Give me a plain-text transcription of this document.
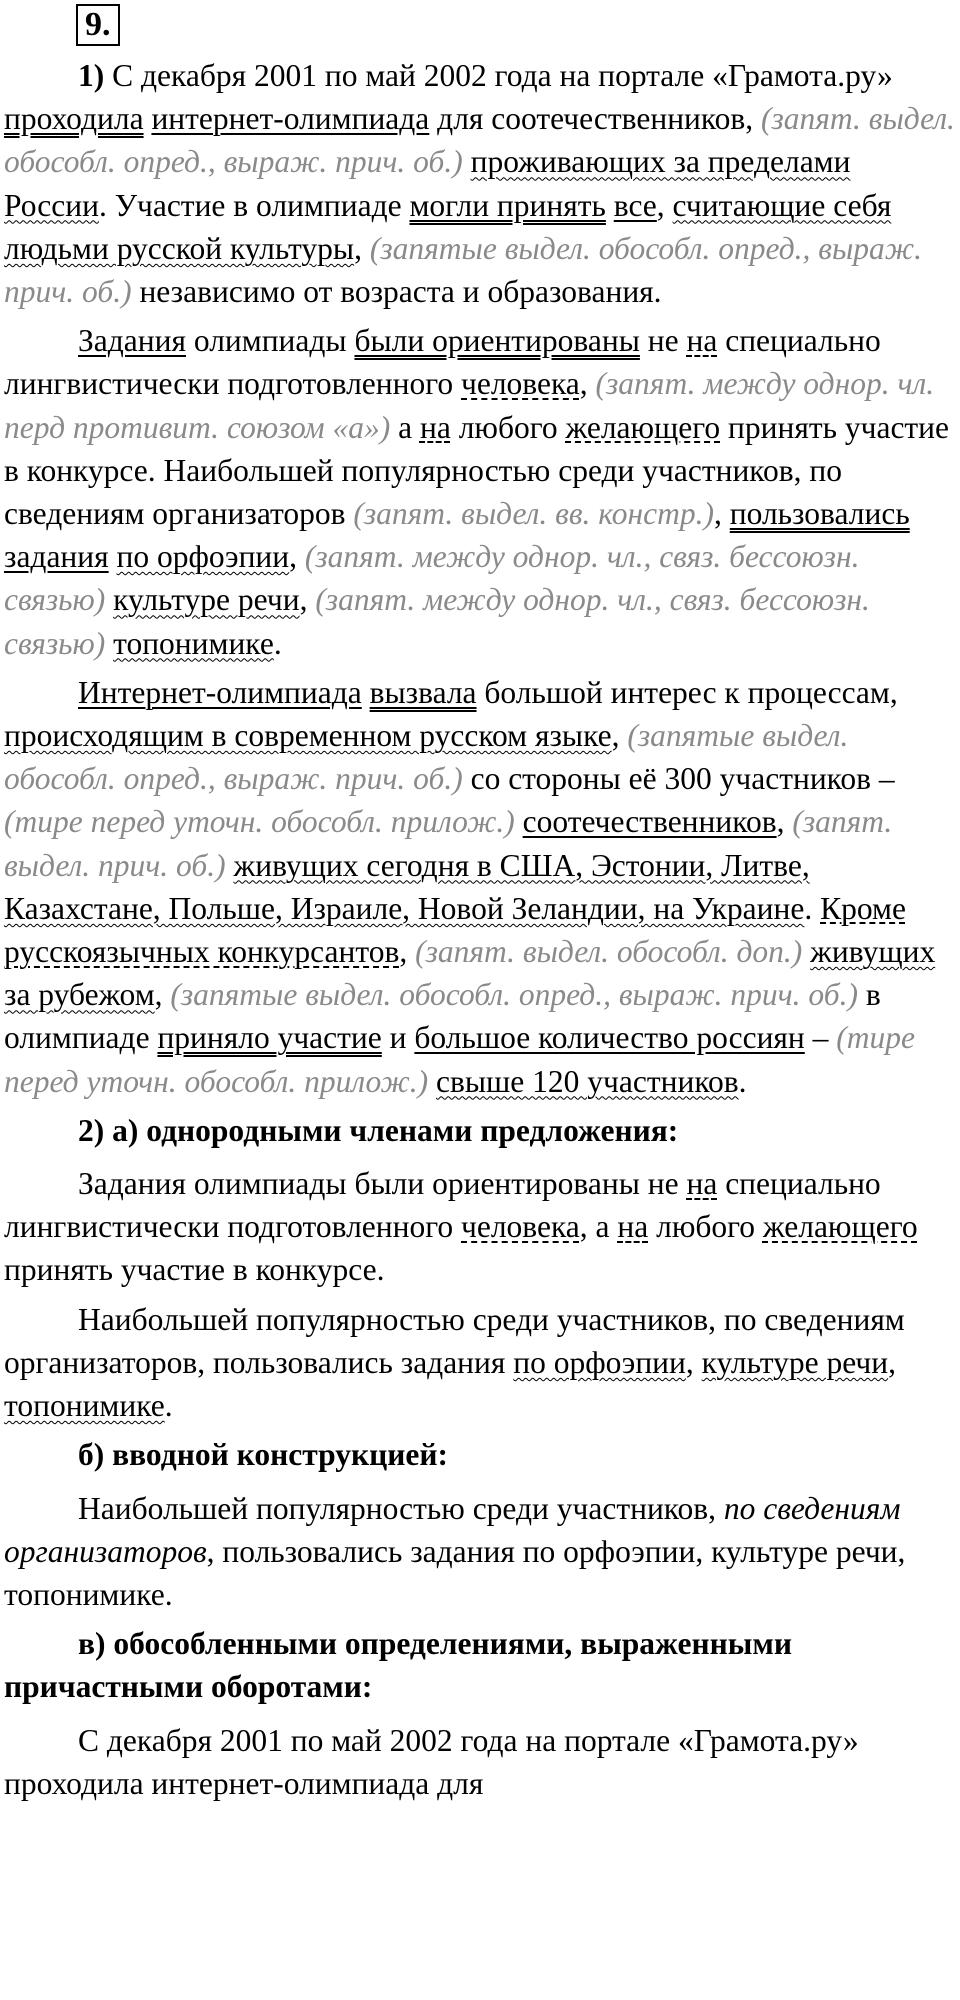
9.

1) С декабря 2001 по май 2002 года на портале «Грамота.ру» проходила интернет-олимпиада для соотечественников, (запят. выдел. обособл. опред., выраж. прич. об.) проживающих за пределами России. Участие в олимпиаде могли принять все, считающие себя людьми русской культуры, (запятые выдел. обособл. опред., выраж. прич. об.) независимо от возраста и образования.

Задания олимпиады были ориентированы не на специально лингвистически подготовленного человека, (запят. между однор. чл. перд противит. союзом «а») а на любого желающего принять участие в конкурсе. Наибольшей популярностью среди участников, по сведениям организаторов (запят. выдел. вв. констр.), пользовались задания по орфоэпии, (запят. между однор. чл., связ. бессоюзн. связью) культуре речи, (запят. между однор. чл., связ. бессоюзн. связью) топонимике.

Интернет-олимпиада вызвала большой интерес к процессам, происходящим в современном русском языке, (запятые выдел. обособл. опред., выраж. прич. об.) со стороны её 300 участников – (тире перед уточн. обособл. прилож.) соотечественников, (запят. выдел. прич. об.) живущих сегодня в США, Эстонии, Литве, Казахстане, Польше, Израиле, Новой Зеландии, на Украине. Кроме русскоязычных конкурсантов, (запят. выдел. обособл. доп.) живущих за рубежом, (запятые выдел. обособл. опред., выраж. прич. об.) в олимпиаде приняло участие и большое количество россиян – (тире перед уточн. обособл. прилож.) свыше 120 участников.

2) а) однородными членами предложения:

Задания олимпиады были ориентированы не на специально лингвистически подготовленного человека, а на любого желающего принять участие в конкурсе.

Наибольшей популярностью среди участников, по сведениям организаторов, пользовались задания по орфоэпии, культуре речи, топонимике.

б) вводной конструкцией:

Наибольшей популярностью среди участников, по сведениям организаторов, пользовались задания по орфоэпии, культуре речи, топонимике.

в) обособленными определениями, выраженными причастными оборотами:

С декабря 2001 по май 2002 года на портале «Грамота.ру» проходила интернет-олимпиада для
